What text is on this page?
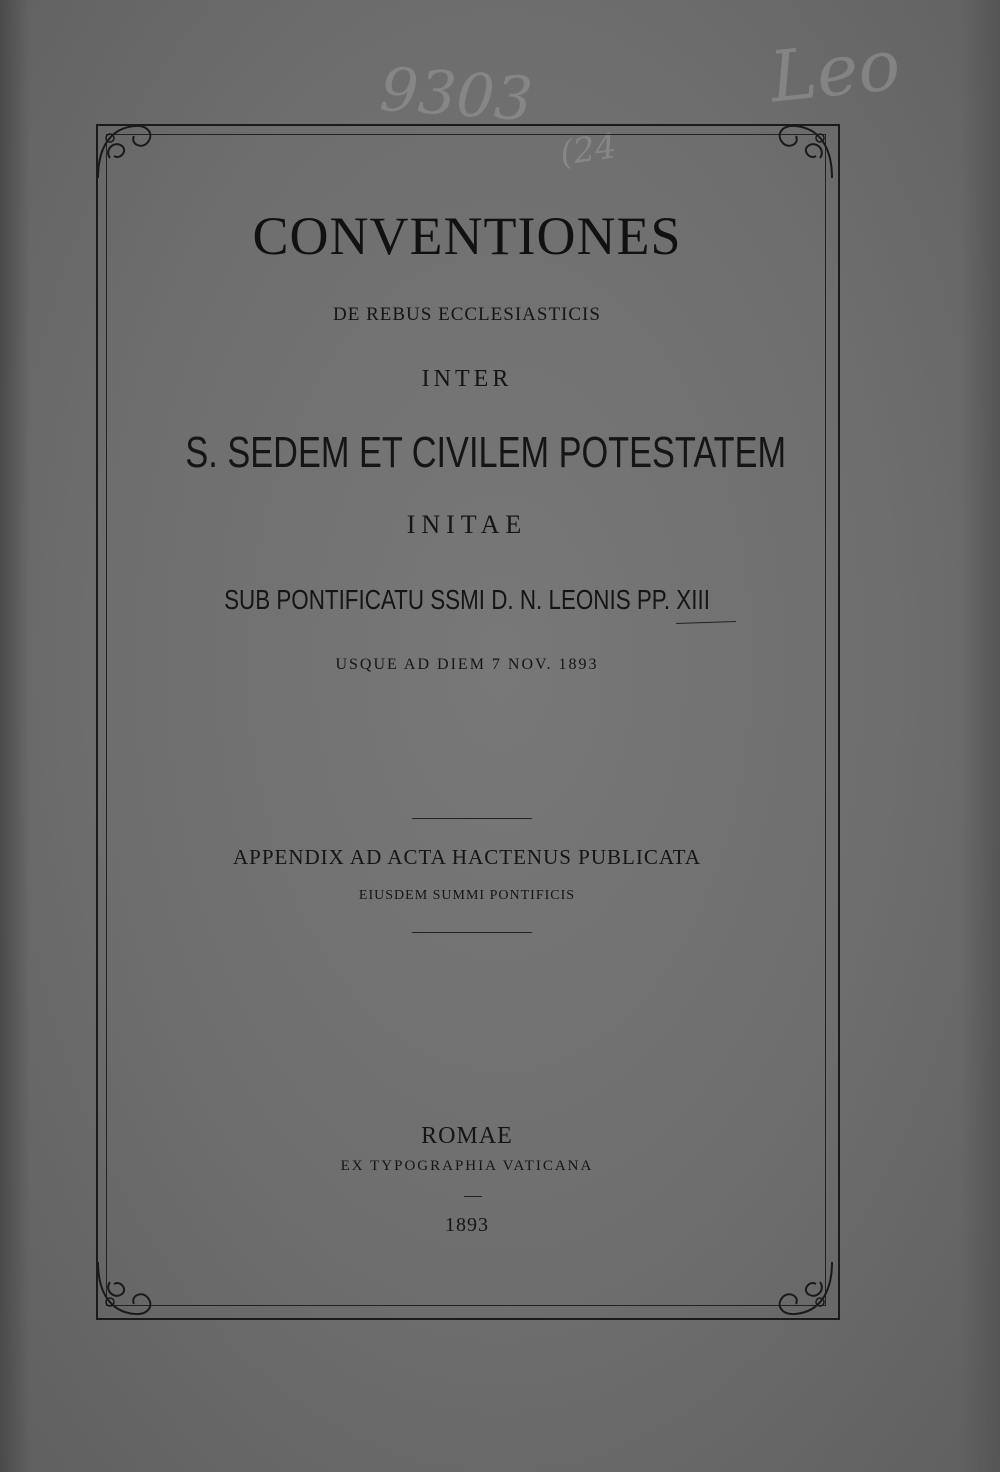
9303
(24
Leo
CONVENTIONES

DE REBUS ECCLESIASTICIS

INTER

S. SEDEM ET CIVILEM POTESTATEM

INITAE

SUB PONTIFICATU SSMI D. N. LEONIS PP. XIII

USQUE AD DIEM 7 NOV. 1893

APPENDIX AD ACTA HACTENUS PUBLICATA

EIUSDEM SUMMI PONTIFICIS

ROMAE

EX TYPOGRAPHIA VATICANA

1893
